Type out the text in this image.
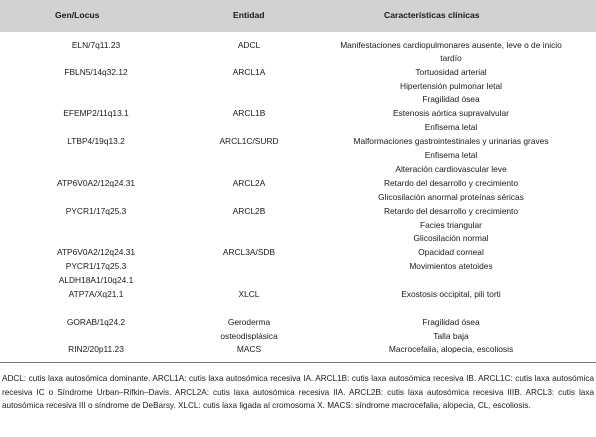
Gen/Locus	Entidad	Características clínicas
ELN/7q11.23
FBLN5/14q32.12
EFEMP2/11q13.1
LTBP4/19q13.2
ATP6V0A2/12q24.31
PYCR1/17q25.3
ATP6V0A2/12q24.31
PYCR1/17q25.3
ALDH18A1/10q24.1
ATP7A/Xq21.1
GORAB/1q24.2
RIN2/20p11.23
ADCL
ARCL1A
ARCL1B
ARCL1C/SURD
ARCL2A
ARCL2B
ARCL3A/SDB
XLCL
Geroderma
osteodisplásica
MACS
Manifestaciones cardiopulmonares ausente, leve o de inicio
tardío
Tortuosidad arterial
Hipertensión pulmonar letal
Fragilidad ósea
Estenosis aórtica supravalvular
Enfisema letal
Malformaciones gastrointestinales y urinarias graves
Enfisema letal
Alteración cardiovascular leve
Retardo del desarrollo y crecimiento
Glicosilación anormal proteínas séricas
Retardo del desarrollo y crecimiento
Facies triangular
Glicosilación normal
Opacidad corneal
Movimientos atetoides
Exostosis occipital, pili torti
Fragilidad ósea
Talla baja
Macrocefalia, alopecia, escoliosis

ADCL: cutis laxa autosómica dominante. ARCL1A: cutis laxa autosómica recesiva IA. ARCL1B: cutis laxa autosómica recesiva IB. ARCL1C: cutis laxa autosómica recesiva IC o Síndrome Urban–Rifkin–Davis. ARCL2A: cutis laxa autosómica recesiva IIA. ARCL2B: cutis laxa autosómica recesiva IIIB. ARCL3: cutis laxa autosómica recesiva III o síndrome de DeBarsy. XLCL: cutis laxa ligada al cromosoma X. MACS: síndrome macrocefalia, alopecia, CL, escoliosis.
